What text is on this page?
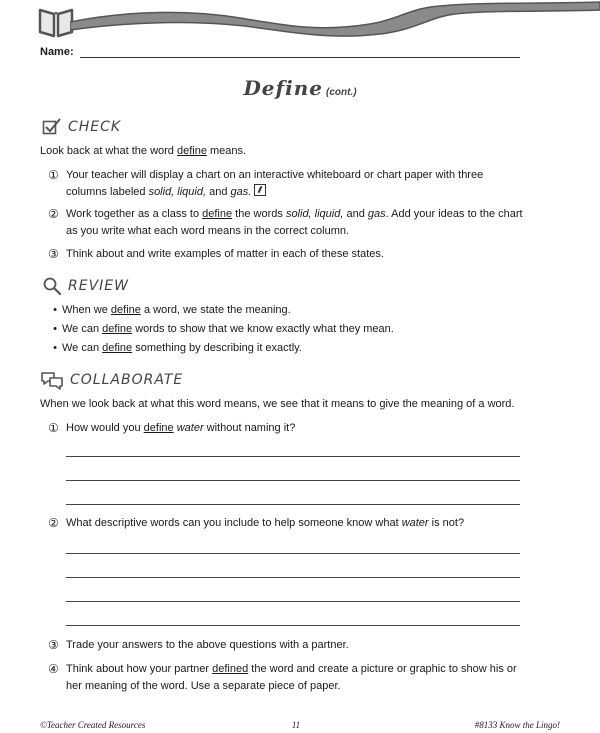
Name:
Define (cont.)
CHECK
Look back at what the word define means.
① Your teacher will display a chart on an interactive whiteboard or chart paper with three columns labeled solid, liquid, and gas.
② Work together as a class to define the words solid, liquid, and gas. Add your ideas to the chart as you write what each word means in the correct column.
③ Think about and write examples of matter in each of these states.
REVIEW
• When we define a word, we state the meaning.
• We can define words to show that we know exactly what they mean.
• We can define something by describing it exactly.
COLLABORATE
When we look back at what this word means, we see that it means to give the meaning of a word.
① How would you define water without naming it?
② What descriptive words can you include to help someone know what water is not?
③ Trade your answers to the above questions with a partner.
④ Think about how your partner defined the word and create a picture or graphic to show his or her meaning of the word. Use a separate piece of paper.
©Teacher Created Resources	11	#8133 Know the Lingo!
